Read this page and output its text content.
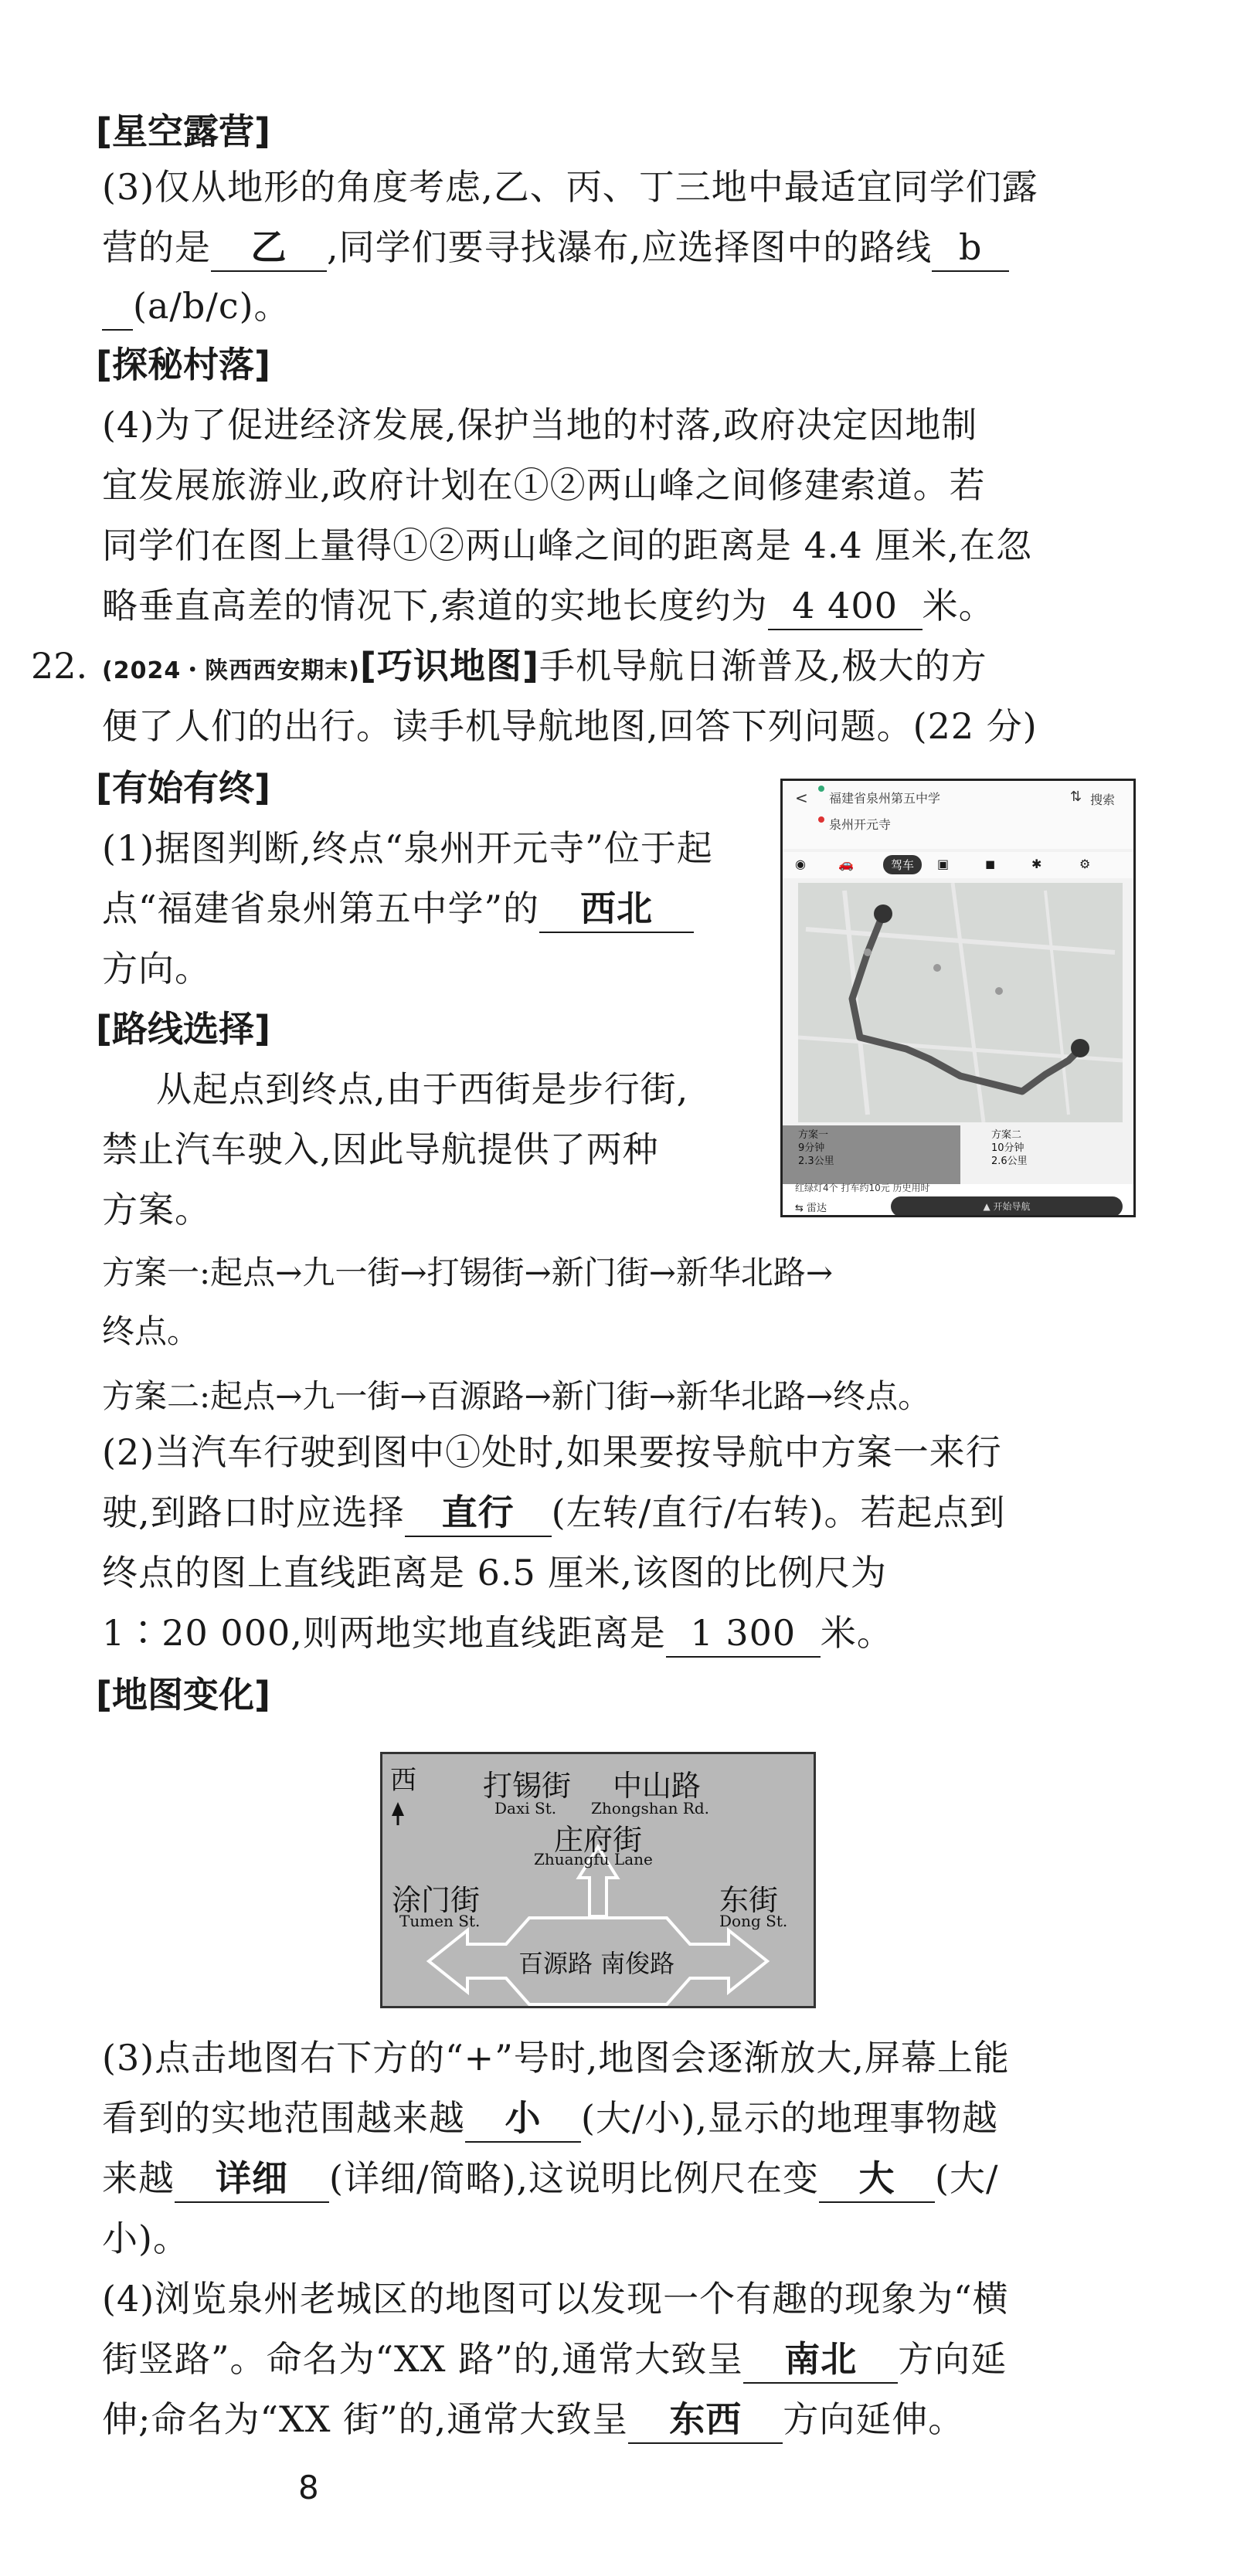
[星空露营]
(3)仅从地形的角度考虑,乙、丙、丁三地中最适宜同学们露
营的是 乙 ,同学们要寻找瀑布,应选择图中的路线 b
(a/b/c)。
[探秘村落]
(4)为了促进经济发展,保护当地的村落,政府决定因地制
宜发展旅游业,政府计划在①②两山峰之间修建索道。若
同学们在图上量得①②两山峰之间的距离是 4.4 厘米,在忽
略垂直高差的情况下,索道的实地长度约为 4 400 米。
22. (2024・陕西西安期末)[巧识地图]手机导航日渐普及,极大的方
便了人们的出行。读手机导航地图,回答下列问题。(22 分)
[有始有终]
(1)据图判断,终点“泉州开元寺”位于起
点“福建省泉州第五中学”的 西北
方向。
[路线选择]
从起点到终点,由于西街是步行街,
禁止汽车驶入,因此导航提供了两种
方案。
方案一:起点→九一街→打锡街→新门街→新华北路→
终点。
方案二:起点→九一街→百源路→新门街→新华北路→终点。
(2)当汽车行驶到图中①处时,如果要按导航中方案一来行
驶,到路口时应选择 直行 (左转/直行/右转)。若起点到
终点的图上直线距离是 6.5 厘米,该图的比例尺为
1∶20 000,则两地实地直线距离是 1 300 米。
[地图变化]
西 打锡街
Daxi St.
中山路
Zhongshan Rd.
庄府街
Zhuangfu Lane
涂门街
Tumen St.
东街
Dong St.
百源路 南俊路
(3)点击地图右下方的“+”号时,地图会逐渐放大,屏幕上能
看到的实地范围越来越 小 (大/小),显示的地理事物越
来越 详细 (详细/简略),这说明比例尺在变 大 (大/
小)。
(4)浏览泉州老城区的地图可以发现一个有趣的现象为“横
街竖路”。命名为“XX 路”的,通常大致呈 南北 方向延
伸;命名为“XX 街”的,通常大致呈 东西 方向延伸。
8
< 福建省泉州第五中学
泉州开元寺
⇅ 搜索
◉	🚗	驾车	▣	◼	✱	⚙
方案一
9分钟
2.3公里
方案二
10分钟
2.6公里
红绿灯4个 打车约10元 历史用时
⇆ 雷达	▲ 开始导航
